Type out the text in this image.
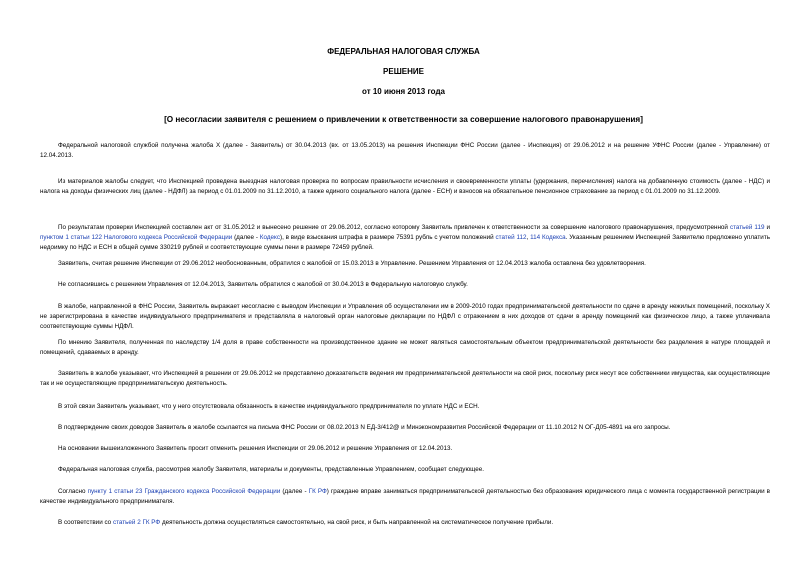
ФЕДЕРАЛЬНАЯ НАЛОГОВАЯ СЛУЖБА
РЕШЕНИЕ
от 10 июня 2013 года
[О несогласии заявителя с решением о привлечении к ответственности за совершение налогового правонарушения]
Федеральной налоговой службой получена жалоба Х (далее - Заявитель) от 30.04.2013 (вх. от 13.05.2013) на решения Инспекции ФНС России (далее - Инспекция) от 29.06.2012 и на решение УФНС России (далее - Управление) от 12.04.2013.
Из материалов жалобы следует, что Инспекцией проведена выездная налоговая проверка по вопросам правильности исчисления и своевременности уплаты (удержания, перечисления) налога на добавленную стоимость (далее - НДС) и налога на доходы физических лиц (далее - НДФЛ) за период с 01.01.2009 по 31.12.2010, а также единого социального налога (далее - ЕСН) и взносов на обязательное пенсионное страхование за период с 01.01.2009 по 31.12.2009.
По результатам проверки Инспекцией составлен акт от 31.05.2012 и вынесено решение от 29.06.2012, согласно которому Заявитель привлечен к ответственности за совершение налогового правонарушения, предусмотренной статьей 119 и пунктом 1 статьи 122 Налогового кодекса Российской Федерации (далее - Кодекс), в виде взыскания штрафа в размере 75391 рубль с учетом положений статей 112, 114 Кодекса. Указанным решением Инспекцией Заявителю предложено уплатить недоимку по НДС и ЕСН в общей сумме 330219 рублей и соответствующие суммы пени в размере 72459 рублей.
Заявитель, считая решение Инспекции от 29.06.2012 необоснованным, обратился с жалобой от 15.03.2013 в Управление. Решением Управления от 12.04.2013 жалоба оставлена без удовлетворения.
Не согласившись с решением Управления от 12.04.2013, Заявитель обратился с жалобой от 30.04.2013 в Федеральную налоговую службу.
В жалобе, направленной в ФНС России, Заявитель выражает несогласие с выводом Инспекции и Управления об осуществлении им в 2009-2010 годах предпринимательской деятельности по сдаче в аренду нежилых помещений, поскольку Х не зарегистрирована в качестве индивидуального предпринимателя и представляла в налоговый орган налоговые декларации по НДФЛ с отражением в них доходов от сдачи в аренду помещений как физическое лицо, а также уплачивала соответствующие суммы НДФЛ.
По мнению Заявителя, полученная по наследству 1/4 доля в праве собственности на производственное здание не может являться самостоятельным объектом предпринимательской деятельности без разделения в натуре площадей и помещений, сдаваемых в аренду.
Заявитель в жалобе указывает, что Инспекцией в решении от 29.06.2012 не представлено доказательств ведения им предпринимательской деятельности на свой риск, поскольку риск несут все собственники имущества, как осуществляющие так и не осуществляющие предпринимательскую деятельность.
В этой связи Заявитель указывает, что у него отсутствовала обязанность в качестве индивидуального предпринимателя по уплате НДС и ЕСН.
В подтверждение своих доводов Заявитель в жалобе ссылается на письма ФНС России от 08.02.2013 N ЕД-3/412@ и Минэкономразвития Российской Федерации от 11.10.2012 N ОГ-Д05-4891 на его запросы.
На основании вышеизложенного Заявитель просит отменить решения Инспекции от 29.06.2012 и решение Управления от 12.04.2013.
Федеральная налоговая служба, рассмотрев жалобу Заявителя, материалы и документы, представленные Управлением, сообщает следующее.
Согласно пункту 1 статьи 23 Гражданского кодекса Российской Федерации (далее - ГК РФ) граждане вправе заниматься предпринимательской деятельностью без образования юридического лица с момента государственной регистрации в качестве индивидуального предпринимателя.
В соответствии со статьей 2 ГК РФ деятельность должна осуществляться самостоятельно, на свой риск, и быть направленной на систематическое получение прибыли.
